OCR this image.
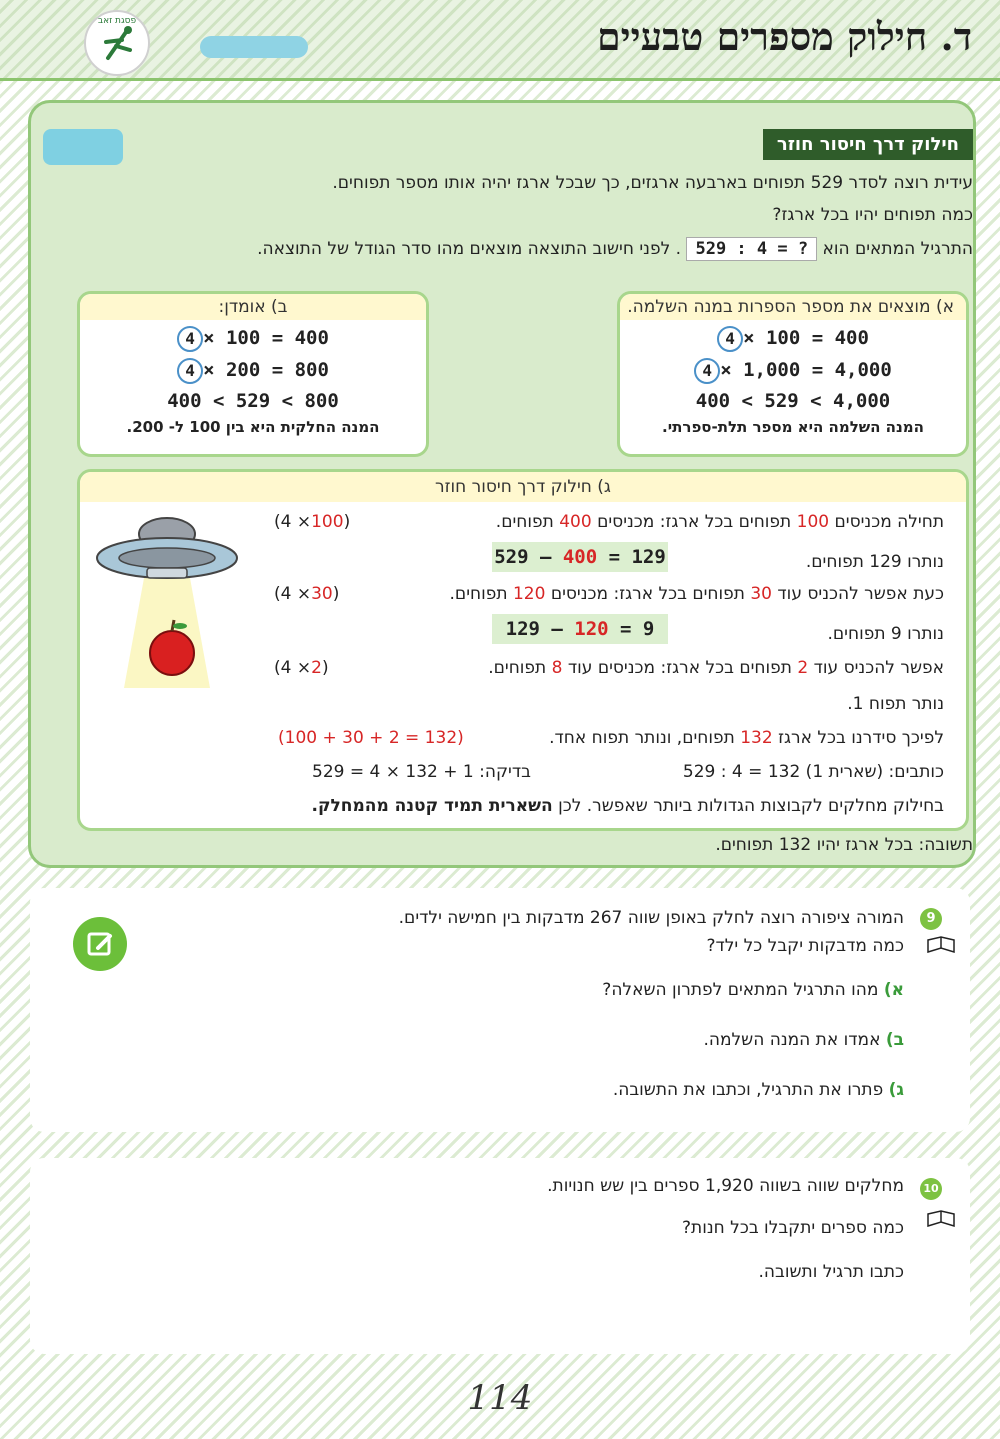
פסגת זאב	ד. חילוק מספרים טבעיים
חילוק דרך חיסור חוזר
עידית רוצה לסדר 529 תפוחים בארבעה ארגזים, כך שבכל ארגז יהיה אותו מספר תפוחים.
כמה תפוחים יהיו בכל ארגז?
התרגיל המתאים הוא 529 : 4 = ? . לפני חישוב התוצאה מוצאים מהו סדר הגודל של התוצאה.
א) מוצאים את מספר הספרות במנה השלמה.
4 × 100 = 400
4 × 1,000 = 4,000
400 < 529 < 4,000
המנה השלמה היא מספר תלת-ספרתי.
ב) אומדן:
4 × 100 = 400
4 × 200 = 800
400 < 529 < 800
המנה החלקית היא בין 100 ל- 200.
ג) חילוק דרך חיסור חוזר
תחילה מכניסים 100 תפוחים בכל ארגז: מכניסים 400 תפוחים.
(4 ×100)
529 – 400 = 129	נותרו 129 תפוחים.
כעת אפשר להכניס עוד 30 תפוחים בכל ארגז: מכניסים 120 תפוחים.
(4 ×30)
129 – 120 = 9	נותרו 9 תפוחים.
אפשר להכניס עוד 2 תפוחים בכל ארגז: מכניסים עוד 8 תפוחים.
(4 ×2)
נותר תפוח 1.
לפיכך סידרנו בכל ארגז 132 תפוחים, ונותר תפוח אחד.
(100 + 30 + 2 = 132)
כותבים: (שארית 1) 132 = 4 : 529
בדיקה: 1 + 132 × 4 = 529
בחילוק מחלקים לקבוצות הגדולות ביותר שאפשר. לכן השארית תמיד קטנה מהמחלק.
תשובה: בכל ארגז יהיו 132 תפוחים.
9
המורה ציפורה רוצה לחלק באופן שווה 267 מדבקות בין חמישה ילדים.
כמה מדבקות יקבל כל ילד?
א) מהו התרגיל המתאים לפתרון השאלה?
ב) אמדו את המנה השלמה.
ג) פתרו את התרגיל, וכתבו את התשובה.
10
מחלקים שווה בשווה 1,920 ספרים בין שש חנויות.
כמה ספרים יתקבלו בכל חנות?
כתבו תרגיל ותשובה.
114
